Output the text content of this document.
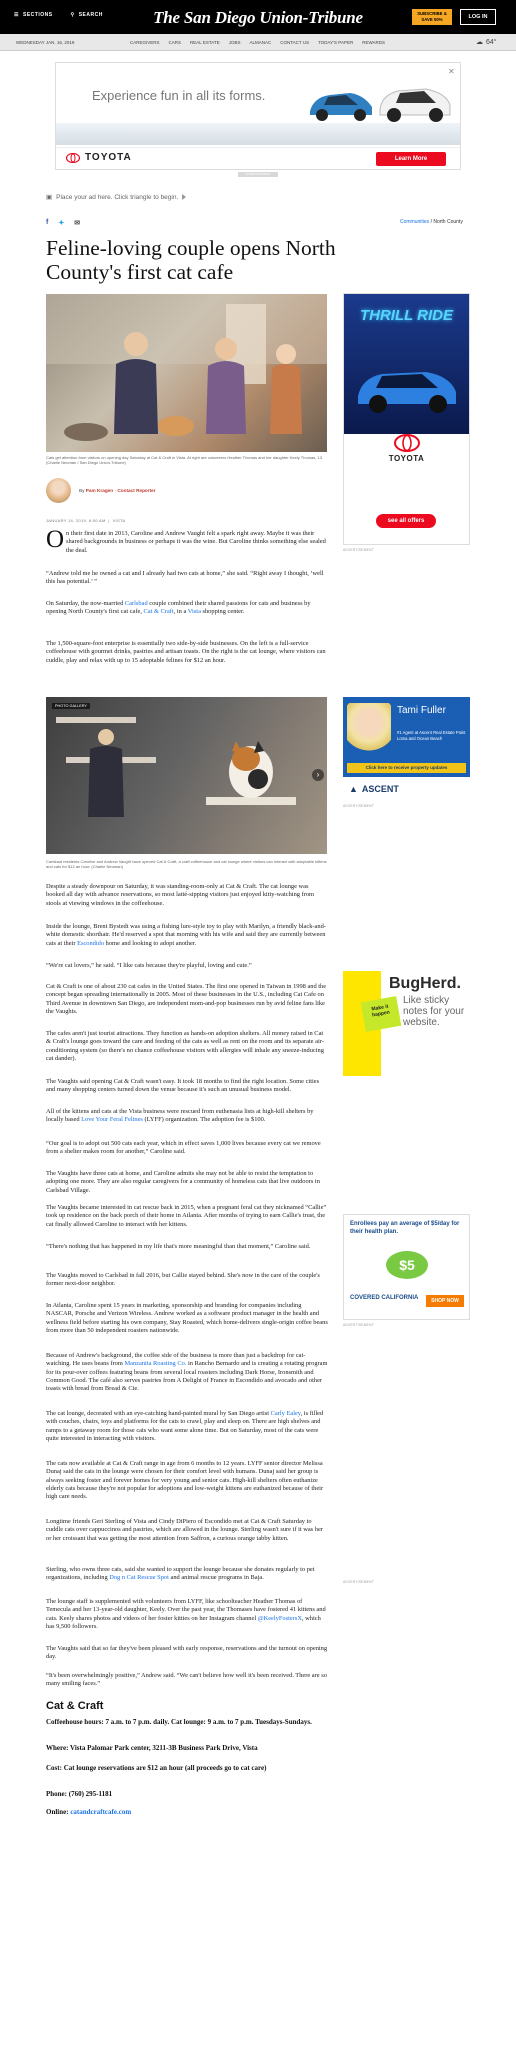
☰ SECTIONS	⚲ SEARCH	The San Diego Union-Tribune	SUBSCRIBE & SAVE 50%	LOG IN
WEDNESDAY JAN. 16, 2019	CAREGIVERS CARS REAL ESTATE JOBS ALMANAC CONTACT US TODAY'S PAPER REWARDS	☁ 64°
Experience fun in all its forms.
✕
TOYOTA	Learn More
ADVERTISEMENT
▣ Place your ad here. Click triangle to begin.
f ✦ ✉	Communities / North County
Feline-loving couple opens North County's first cat cafe
Cats get attention from visitors on opening day Saturday at Cat & Craft in Vista. At right are volunteers Heather Thomas and her daughter Keely Thomas, 13. (Charlie Neuman / San Diego Union-Tribune)
By Pam Kragen · Contact Reporter
JANUARY 14, 2019, 6:00 AM  |  VISTA
O n their first date in 2013, Caroline and Andrew Vaught felt a spark right away. Maybe it was their shared backgrounds in business or perhaps it was the wine. But Caroline thinks something else sealed the deal.

“Andrew told me he owned a cat and I already had two cats at home,” she said. “Right away I thought, ‘well this has potential.’ ”

On Saturday, the now-married Carlsbad couple combined their shared passions for cats and business by opening North County's first cat cafe, Cat & Craft, in a Vista shopping center.

The 1,500-square-foot enterprise is essentially two side-by-side businesses. On the left is a full-service coffeehouse with gourmet drinks, pastries and artisan toasts. On the right is the cat lounge, where visitors can cuddle, play and relax with up to 15 adoptable felines for $12 an hour.

PHOTO GALLERY
›
Carlsbad residents Caroline and Andrew Vaught have opened Cat & Craft, a craft coffeehouse and cat lounge where visitors can interact with adoptable kittens and cats for $12 an hour. (Charlie Neuman)

Despite a steady downpour on Saturday, it was standing-room-only at Cat & Craft. The cat lounge was booked all day with advance reservations, so most latté-sipping visitors just enjoyed kitty-watching from stools at viewing windows in the coffeehouse.

Inside the lounge, Brent Bystedt was using a fishing lure-style toy to play with Marilyn, a friendly black-and-white domestic shorthair. He'd reserved a spot that morning with his wife and said they are currently between cats at their Escondido home and looking to adopt another.

“We're cat lovers,” he said. “I like cats because they're playful, loving and cute.”

Cat & Craft is one of about 230 cat cafes in the United States. The first one opened in Taiwan in 1998 and the concept began spreading internationally in 2005. Most of these businesses in the U.S., including Cat Cafe on Third Avenue in downtown San Diego, are independent mom-and-pop businesses run by avid feline fans like the Vaughts.

The cafes aren't just tourist attractions. They function as hands-on adoption shelters. All money raised in Cat & Craft's lounge goes toward the care and feeding of the cats as well as rent on the room and its separate air-conditioning system (so there's no chance coffeehouse visitors with allergies will inhale any sneeze-inducing cat dander).

The Vaughts said opening Cat & Craft wasn't easy. It took 18 months to find the right location. Some cities and many shopping centers turned down the venue because it's such an unusual business model.

All of the kittens and cats at the Vista business were rescued from euthenasia lists at high-kill shelters by locally based Love Your Feral Felines (LYFF) organization. The adoption fee is $100.

“Our goal is to adopt out 500 cats each year, which in effect saves 1,000 lives because every cat we remove from a shelter makes room for another,” Caroline said.

The Vaughts have three cats at home, and Caroline admits she may not be able to resist the temptation to adopting one more. They are also regular caregivers for a community of homeless cats that live outdoors in Carlsbad Village.

The Vaughts became interested in cat rescue back in 2015, when a pregnant feral cat they nicknamed “Callie” took up residence on the back porch of their home in Atlanta. After months of trying to earn Callie's trust, the cat finally allowed Caroline to interact with her kittens.

“There's nothing that has happened in my life that's more meaningful than that moment,” Caroline said.

The Vaughts moved to Carlsbad in fall 2016, but Callie stayed behind. She's now in the care of the couple's former next-door neighbor.

In Atlanta, Caroline spent 15 years in marketing, sponsorship and branding for companies including NASCAR, Porsche and Verizon Wireless. Andrew worked as a software product manager in the health and wellness field before starting his own company, Stay Roasted, which home-delivers single-origin coffee beans from more than 50 independent roasters nationwide.

Because of Andrew's background, the coffee side of the business is more than just a backdrop for cat-watching. He uses beans from Manzanita Roasting Co. in Rancho Bernardo and is creating a rotating program for its pour-over coffees featuring beans from several local roasters including Dark Horse, Ironsmith and Common Good. The café also serves pastries from A Delight of France in Escondido and avocado and other toasts with bread from Bread & Cie.

The cat lounge, decorated with an eye-catching hand-painted mural by San Diego artist Carly Ealey, is filled with couches, chairs, toys and platforms for the cats to crawl, play and sleep on. There are high shelves and ramps to a getaway room for those cats who want some alone time. But on Saturday, most of the cats were quite interested in interacting with visitors.

The cats now available at Cat & Craft range in age from 6 months to 12 years. LYFF senior director Melissa Dunaj said the cats in the lounge were chosen for their comfort level with humans. Dunaj said her group is always seeking foster and forever homes for very young and senior cats. High-kill shelters often euthanize elderly cats because they're not popular for adoptions and low-weight kittens are euthanized because of their high care needs.

Longtime friends Geri Sterling of Vista and Cindy DiPiero of Escondido met at Cat & Craft Saturday to cuddle cats over cappuccinos and pastries, which are allowed in the lounge. Sterling wasn't sure if it was her or her croissant that was getting the most attention from Saffron, a curious orange tabby kitten.

Sterling, who owns three cats, said she wanted to support the lounge because she donates regularly to pet organizations, including Dog n Cat Rescue Spot and animal rescue programs in Baja.

The lounge staff is supplemented with volunteers from LYFF, like schoolteacher Heather Thomas of Temecula and her 13-year-old daughter, Keely. Over the past year, the Thomases have fostered 41 kittens and cats. Keely shares photos and videos of her foster kitties on her Instagram channel @KeelyFostersX, which has 9,500 followers.

The Vaughts said that so far they've been pleased with early response, reservations and the turnout on opening day.

“It's been overwhelmingly positive,” Andrew said. “We can't believe how well it's been received. There are so many smiling faces.”

Cat & Craft

Coffeehouse hours: 7 a.m. to 7 p.m. daily. Cat lounge: 9 a.m. to 7 p.m. Tuesdays-Sundays.

Where: Vista Palomar Park center, 3211-3B Business Park Drive, Vista

Cost: Cat lounge reservations are $12 an hour (all proceeds go to cat care)

Phone: (760) 295-1181

Online: catandcraftcafe.com

THRILL RIDE
TOYOTA
see all offers
ADVERTISEMENT
Tami Fuller
#1 Agent at Ascent Real Estate Point Loma and Ocean Beach
Click here to receive property updates
▲ ASCENT
ADVERTISEMENT
BugHerd.
Make it happen
Like sticky notes for your website.
Enrollees pay an average of $5/day for their health plan.
$5
COVERED CALIFORNIA	SHOP NOW
ADVERTISEMENT
ADVERTISEMENT
